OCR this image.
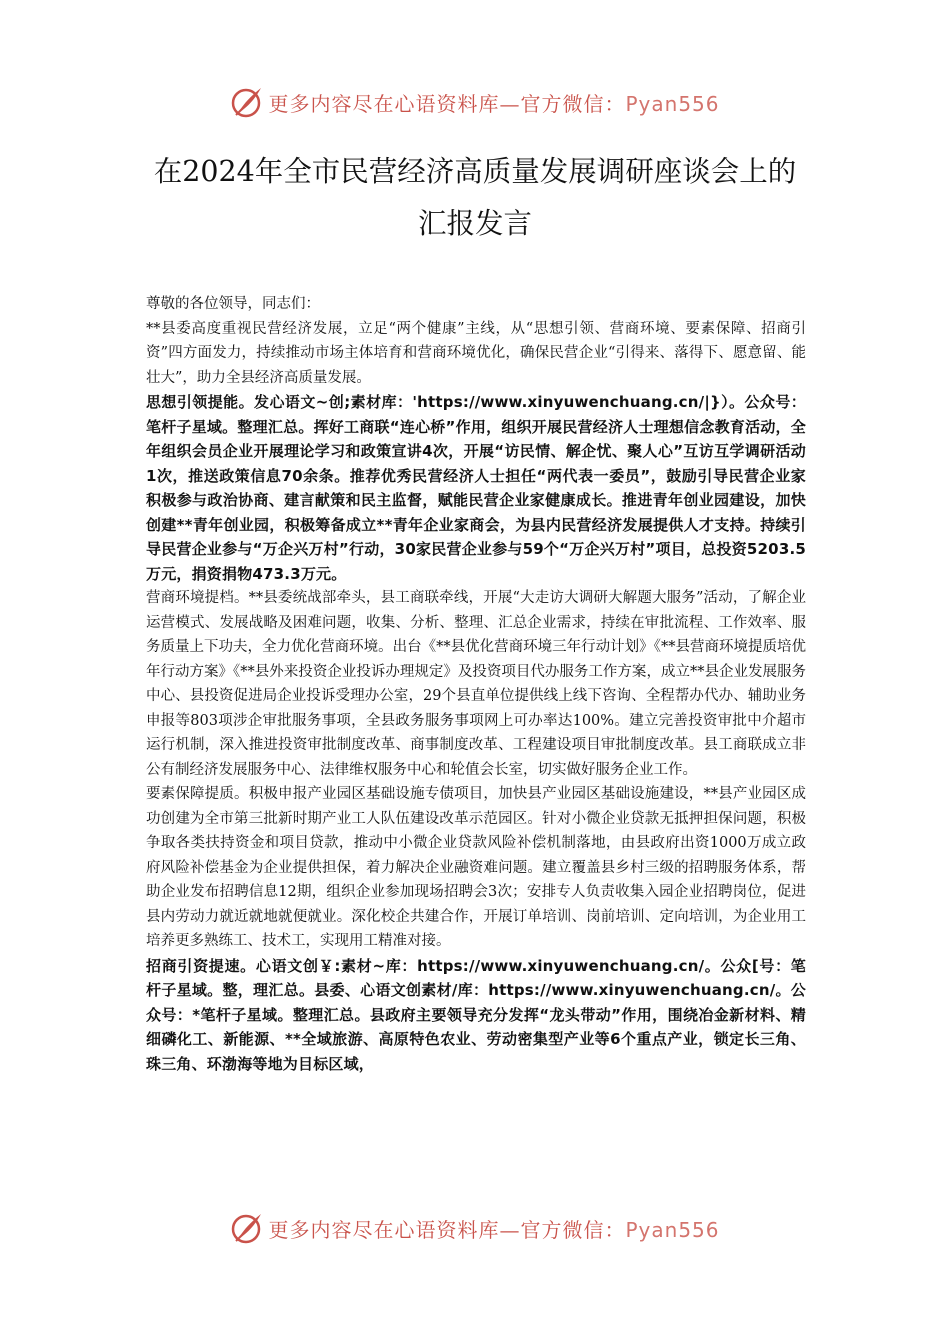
更多内容尽在心语资料库—官方微信：Pyan556
在2024年全市民营经济高质量发展调研座谈会上的
汇报发言

尊敬的各位领导，同志们：

**县委高度重视民营经济发展，立足“两个健康”主线，从“思想引领、营商环境、要素保障、招商引资”四方面发力，持续推动市场主体培育和营商环境优化，确保民营企业“引得来、落得下、愿意留、能壮大”，助力全县经济高质量发展。

思想引领提能。发心语文~创;素材库：'https://www.xinyuwenchuang.cn/|}）。公众号：笔杆子星域。整理汇总。挥好工商联“连心桥”作用，组织开展民营经济人士理想信念教育活动，全年组织会员企业开展理论学习和政策宣讲4次，开展“访民情、解企忧、聚人心”互访互学调研活动1次，推送政策信息70余条。推荐优秀民营经济人士担任“两代表一委员”，鼓励引导民营企业家积极参与政治协商、建言献策和民主监督，赋能民营企业家健康成长。推进青年创业园建设，加快创建**青年创业园，积极筹备成立**青年企业家商会，为县内民营经济发展提供人才支持。持续引导民营企业参与“万企兴万村”行动，30家民营企业参与59个“万企兴万村”项目，总投资5203.5万元，捐资捐物473.3万元。

营商环境提档。**县委统战部牵头，县工商联牵线，开展“大走访大调研大解题大服务”活动，了解企业运营模式、发展战略及困难问题，收集、分析、整理、汇总企业需求，持续在审批流程、工作效率、服务质量上下功夫，全力优化营商环境。出台《**县优化营商环境三年行动计划》《**县营商环境提质培优年行动方案》《**县外来投资企业投诉办理规定》及投资项目代办服务工作方案，成立**县企业发展服务中心、县投资促进局企业投诉受理办公室，29个县直单位提供线上线下咨询、全程帮办代办、辅助业务申报等803项涉企审批服务事项，全县政务服务事项网上可办率达100%。建立完善投资审批中介超市运行机制，深入推进投资审批制度改革、商事制度改革、工程建设项目审批制度改革。县工商联成立非公有制经济发展服务中心、法律维权服务中心和轮值会长室，切实做好服务企业工作。

要素保障提质。积极申报产业园区基础设施专债项目，加快县产业园区基础设施建设，**县产业园区成功创建为全市第三批新时期产业工人队伍建设改革示范园区。针对小微企业贷款无抵押担保问题，积极争取各类扶持资金和项目贷款，推动中小微企业贷款风险补偿机制落地，由县政府出资1000万成立政府风险补偿基金为企业提供担保，着力解决企业融资难问题。建立覆盖县乡村三级的招聘服务体系，帮助企业发布招聘信息12期，组织企业参加现场招聘会3次；安排专人负责收集入园企业招聘岗位，促进县内劳动力就近就地就便就业。深化校企共建合作，开展订单培训、岗前培训、定向培训，为企业用工培养更多熟练工、技术工，实现用工精准对接。

招商引资提速。心语文创￥:素材~库：https://www.xinyuwenchuang.cn/。公众[号：笔杆子星域。整，理汇总。县委、心语文创素材/库：https://www.xinyuwenchuang.cn/。公众号：*笔杆子星域。整理汇总。县政府主要领导充分发挥“龙头带动”作用，围绕冶金新材料、精细磷化工、新能源、**全域旅游、高原特色农业、劳动密集型产业等6个重点产业，锁定长三角、珠三角、环渤海等地为目标区域，

更多内容尽在心语资料库—官方微信：Pyan556
